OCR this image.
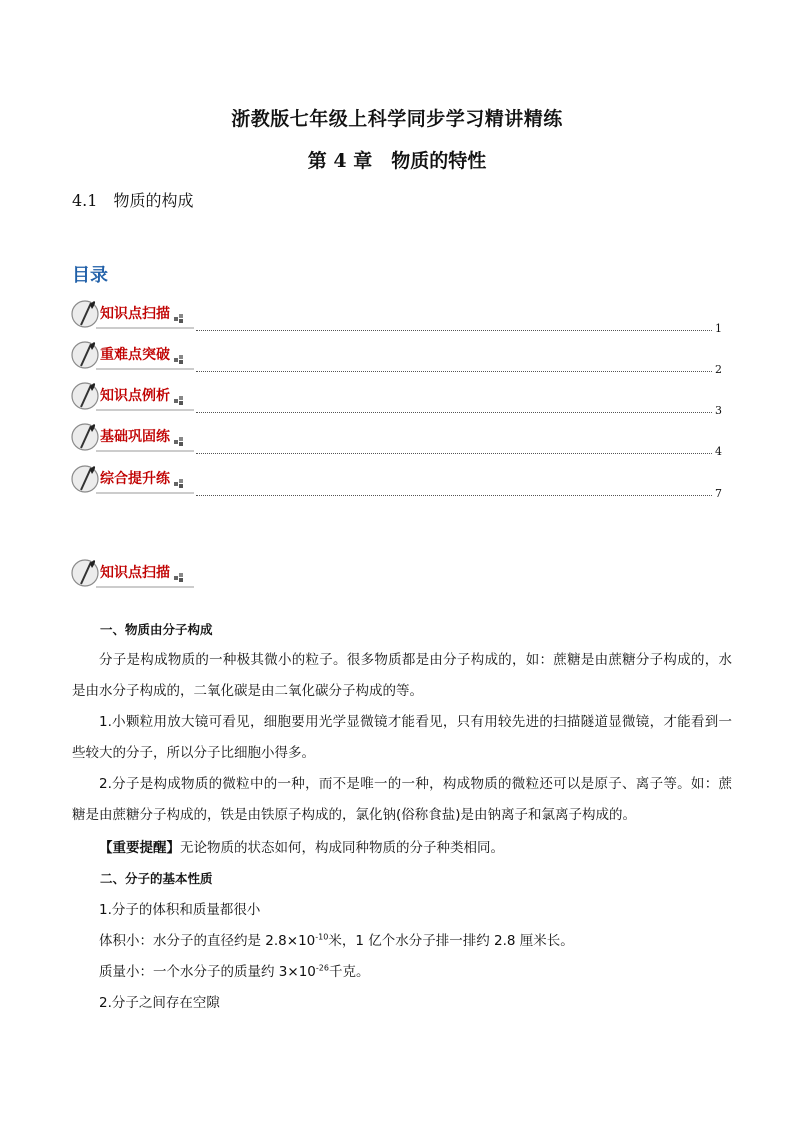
浙教版七年级上科学同步学习精讲精练
第 4 章　物质的特性
4.1　物质的构成
目录
知识点扫描
1
重难点突破
2
知识点例析
3
基础巩固练
4
综合提升练
7
知识点扫描
一、物质由分子构成
分子是构成物质的一种极其微小的粒子。很多物质都是由分子构成的，如：蔗糖是由蔗糖分子构成的，水是由水分子构成的，二氧化碳是由二氧化碳分子构成的等。
1.小颗粒用放大镜可看见，细胞要用光学显微镜才能看见，只有用较先进的扫描隧道显微镜，才能看到一些较大的分子，所以分子比细胞小得多。
2.分子是构成物质的微粒中的一种，而不是唯一的一种，构成物质的微粒还可以是原子、离子等。如：蔗糖是由蔗糖分子构成的，铁是由铁原子构成的，氯化钠(俗称食盐)是由钠离子和氯离子构成的。
【重要提醒】无论物质的状态如何，构成同种物质的分子种类相同。
二、分子的基本性质
1.分子的体积和质量都很小
体积小：水分子的直径约是 $2.8\times 10^{-10}$米，1 亿个水分子排一排约 2.8 厘米长。
质量小：一个水分子的质量约 $3\times 10^{-26}$千克。
2.分子之间存在空隙
